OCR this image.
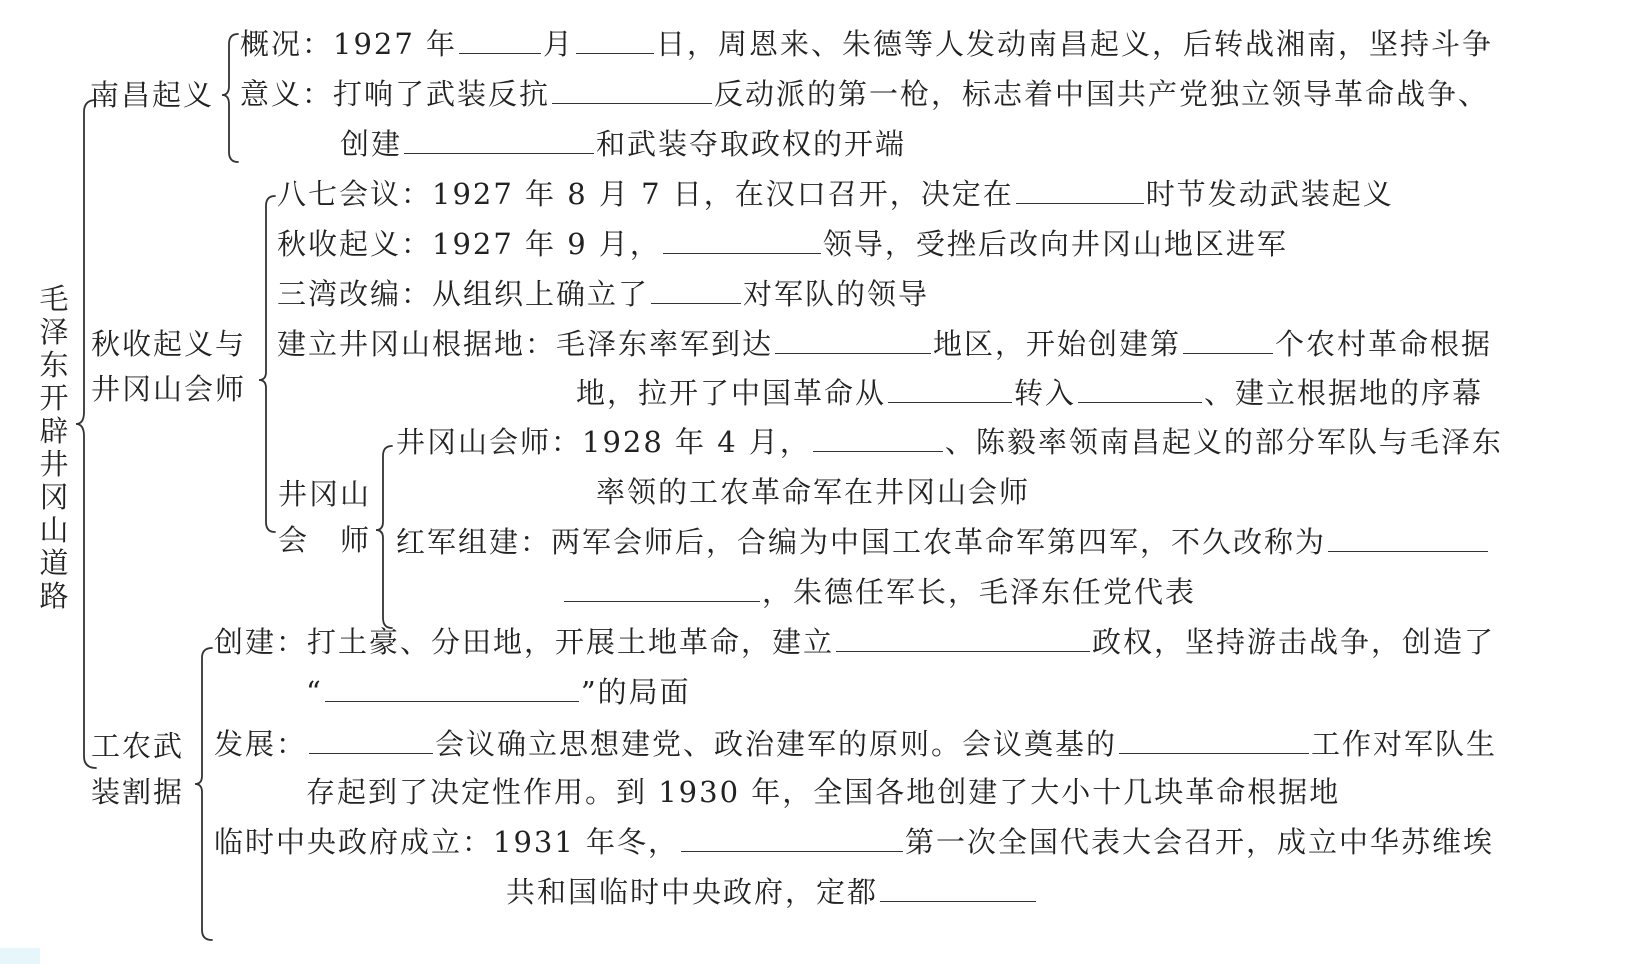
毛
泽
东
开
辟
井
冈
山
道
路
南昌起义
概况：1927 年	月	日，周恩来、朱德等人发动南昌起义，后转战湘南，坚持斗争
意义：打响了武装反抗	反动派的第一枪，标志着中国共产党独立领导革命战争、
创建	和武装夺取政权的开端
秋收起义与
井冈山会师
八七会议：1927 年 8 月 7 日，在汉口召开，决定在	时节发动武装起义
秋收起义：1927 年 9 月，	领导，受挫后改向井冈山地区进军
三湾改编：从组织上确立了	对军队的领导
建立井冈山根据地：毛泽东率军到达	地区，开始创建第	个农村革命根据
地，拉开了中国革命从	转入	、建立根据地的序幕
井冈山
会　师
井冈山会师：1928 年 4 月，	、陈毅率领南昌起义的部分军队与毛泽东
率领的工农革命军在井冈山会师
红军组建：两军会师后，合编为中国工农革命军第四军，不久改称为
，朱德任军长，毛泽东任党代表
工农武
装割据
创建：打土豪、分田地，开展土地革命，建立	政权，坚持游击战争，创造了
“	”的局面
发展：	会议确立思想建党、政治建军的原则。会议奠基的	工作对军队生
存起到了决定性作用。到 1930 年，全国各地创建了大小十几块革命根据地
临时中央政府成立：1931 年冬，	第一次全国代表大会召开，成立中华苏维埃
共和国临时中央政府，定都
